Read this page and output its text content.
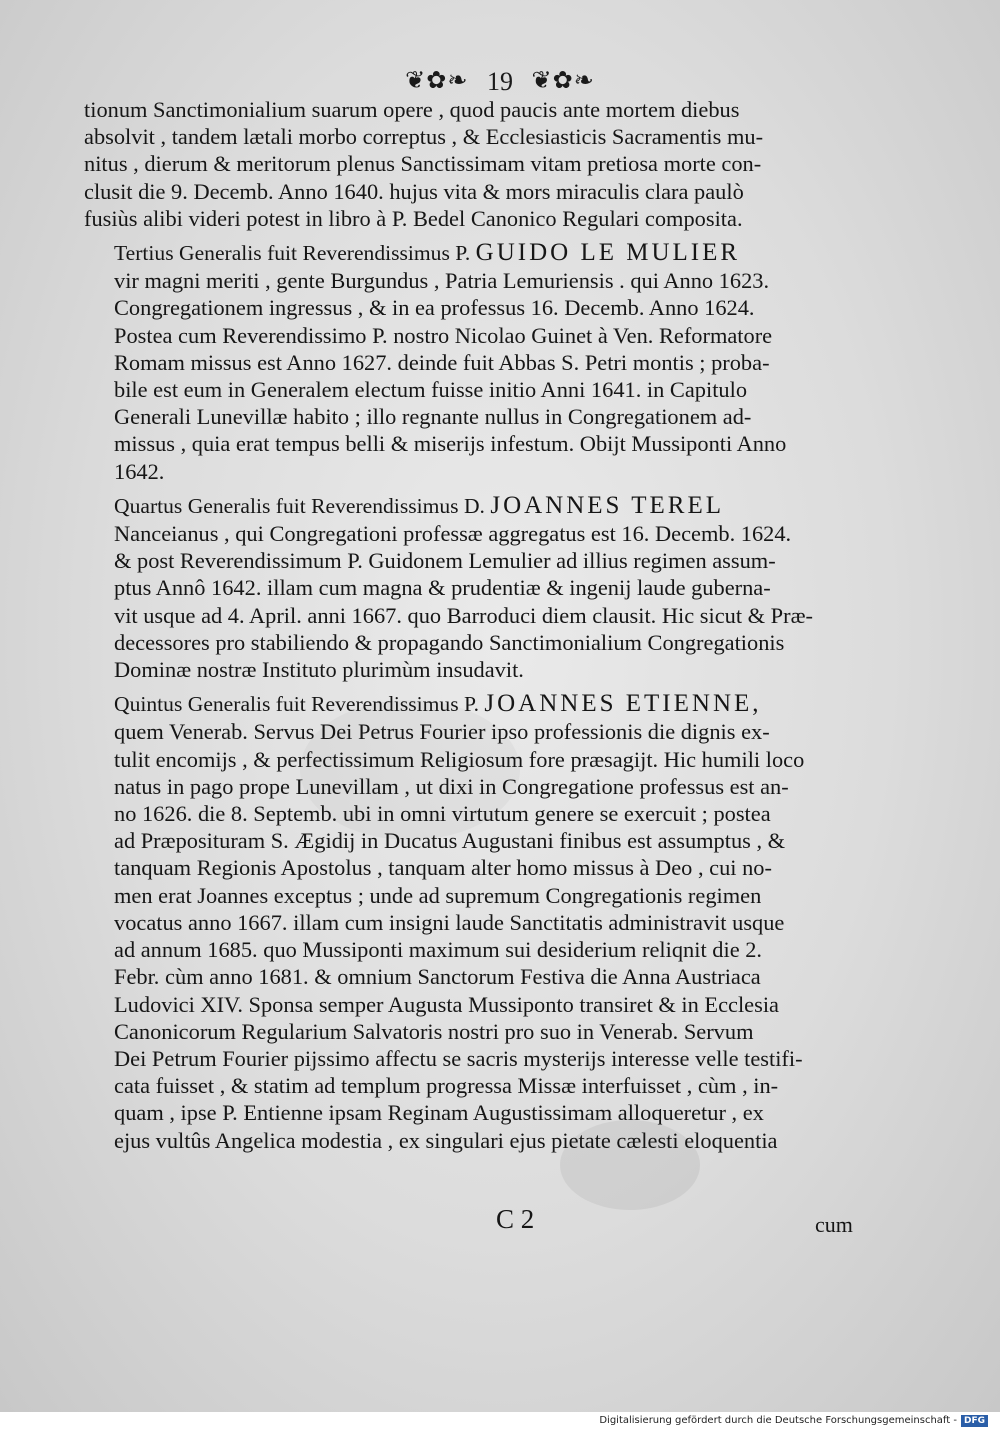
❦✿❧ 19 ❦✿❧

tionum Sanctimonialium suarum opere , quod paucis ante mortem diebus
absolvit , tandem lætali morbo correptus , & Ecclesiasticis Sacramentis mu-
nitus , dierum & meritorum plenus Sanctissimam vitam pretiosa morte con-
clusit die 9. Decemb. Anno 1640. hujus vita & mors miraculis clara paulò
fusiùs alibi videri potest in libro à P. Bedel Canonico Regulari composita.

Tertius Generalis fuit Reverendissimus P. GUIDO LE MULIER
vir magni meriti , gente Burgundus , Patria Lemuriensis . qui Anno 1623.
Congregationem ingressus , & in ea professus 16. Decemb. Anno 1624.
Postea cum Reverendissimo P. nostro Nicolao Guinet à Ven. Reformatore
Romam missus est Anno 1627. deinde fuit Abbas S. Petri montis ; proba-
bile est eum in Generalem electum fuisse initio Anni 1641. in Capitulo
Generali Lunevillæ habito ; illo regnante nullus in Congregationem ad-
missus , quia erat tempus belli & miserijs infestum. Obijt Mussiponti Anno
1642.

Quartus Generalis fuit Reverendissimus D. JOANNES TEREL
Nanceianus , qui Congregationi professæ aggregatus est 16. Decemb. 1624.
& post Reverendissimum P. Guidonem Lemulier ad illius regimen assum-
ptus Annô 1642. illam cum magna & prudentiæ & ingenij laude guberna-
vit usque ad 4. April. anni 1667. quo Barroduci diem clausit. Hic sicut & Præ-
decessores pro stabiliendo & propagando Sanctimonialium Congregationis
Dominæ nostræ Instituto plurimùm insudavit.

Quintus Generalis fuit Reverendissimus P. JOANNES ETIENNE,
quem Venerab. Servus Dei Petrus Fourier ipso professionis die dignis ex-
tulit encomijs , & perfectissimum Religiosum fore præsagijt. Hic humili loco
natus in pago prope Lunevillam , ut dixi in Congregatione professus est an-
no 1626. die 8. Septemb. ubi in omni virtutum genere se exercuit ; postea
ad Præposituram S. Ægidij in Ducatus Augustani finibus est assumptus , &
tanquam Regionis Apostolus , tanquam alter homo missus à Deo , cui no-
men erat Joannes exceptus ; unde ad supremum Congregationis regimen
vocatus anno 1667. illam cum insigni laude Sanctitatis administravit usque
ad annum 1685. quo Mussiponti maximum sui desiderium reliqnit die 2.
Febr. cùm anno 1681. & omnium Sanctorum Festiva die Anna Austriaca
Ludovici XIV. Sponsa semper Augusta Mussiponto transiret & in Ecclesia
Canonicorum Regularium Salvatoris nostri pro suo in Venerab. Servum
Dei Petrum Fourier pijssimo affectu se sacris mysterijs interesse velle testifi-
cata fuisset , & statim ad templum progressa Missæ interfuisset , cùm , in-
quam , ipse P. Entienne ipsam Reginam Augustissimam alloqueretur , ex
ejus vultûs Angelica modestia , ex singulari ejus pietate cælesti eloquentia

C 2	cum
Digitalisierung gefördert durch die Deutsche Forschungsgemeinschaft - DFG
